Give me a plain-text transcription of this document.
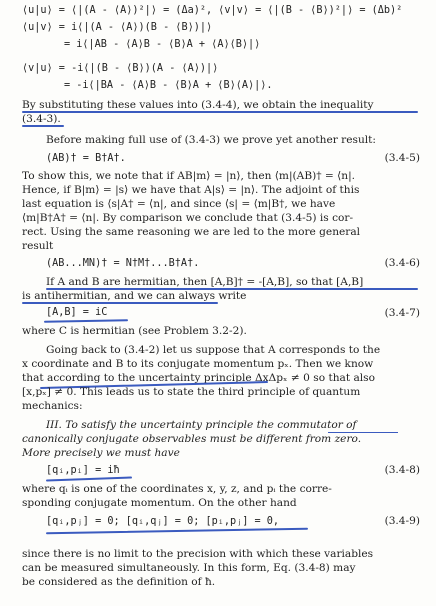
⟨u|u⟩ = ⟨|(A - ⟨A⟩)²|⟩ = (Δa)², ⟨v|v⟩ = ⟨|(B - ⟨B⟩)²|⟩ = (Δb)²
⟨u|v⟩ = i⟨|(A - ⟨A⟩)(B - ⟨B⟩)|⟩
= i⟨|AB - ⟨A⟩B - ⟨B⟩A + ⟨A⟩⟨B⟩|⟩
⟨v|u⟩ = -i⟨|(B - ⟨B⟩)(A - ⟨A⟩)|⟩
= -i⟨|BA - ⟨A⟩B - ⟨B⟩A + ⟨B⟩⟨A⟩|⟩.
By substituting these values into (3.4-4), we obtain the inequality
(3.4-3).
Before making full use of (3.4-3) we prove yet another result:
(AB)† = B†A†.	(3.4-5)
To show this, we note that if AB|m⟩ = |n⟩, then ⟨m|(AB)† = ⟨n|.
Hence, if B|m⟩ = |s⟩ we have that A|s⟩ = |n⟩. The adjoint of this
last equation is ⟨s|A† = ⟨n|, and since ⟨s| = ⟨m|B†, we have
⟨m|B†A† = ⟨n|. By comparison we conclude that (3.4-5) is cor-
rect. Using the same reasoning we are led to the more general
result
(AB...MN)† = N†M†...B†A†.	(3.4-6)
If A and B are hermitian, then [A,B]† = -[A,B], so that [A,B]
is antihermitian, and we can always write
[A,B] = iC	(3.4-7)
where C is hermitian (see Problem 3.2-2).
Going back to (3.4-2) let us suppose that A corresponds to the
x coordinate and B to its conjugate momentum pₓ. Then we know
that according to the uncertainty principle ΔxΔpₓ ≠ 0 so that also
[x,pₓ] ≠ 0. This leads us to state the third principle of quantum
mechanics:
III. To satisfy the uncertainty principle the commutator of
canonically conjugate observables must be different from zero.
More precisely we must have
[qᵢ,pᵢ] = iħ	(3.4-8)
where qᵢ is one of the coordinates x, y, z, and pᵢ the corre-
sponding conjugate momentum. On the other hand
[qᵢ,pⱼ] = 0; [qᵢ,qⱼ] = 0; [pᵢ,pⱼ] = 0,	(3.4-9)
since there is no limit to the precision with which these variables
can be measured simultaneously. In this form, Eq. (3.4-8) may
be considered as the definition of ħ.
